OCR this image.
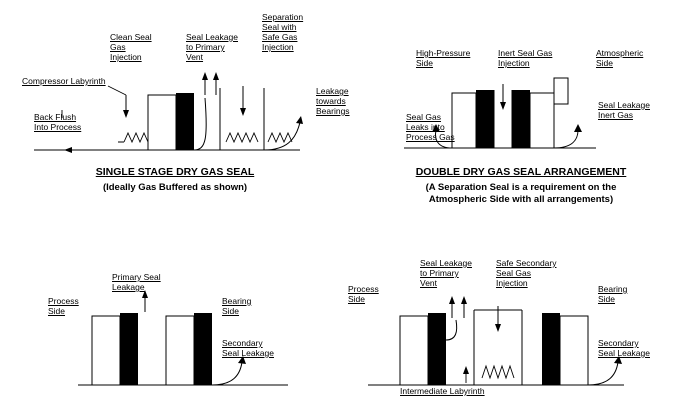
Compressor Labyrinth
Clean Seal
Gas
Injection
Seal Leakage
to Primary
Vent
Separation
Seal with
Safe Gas
Injection
Leakage
towards
Bearings
Back Flush
Into Process
SINGLE STAGE DRY GAS SEAL
(Ideally Gas Buffered as shown)
High-Pressure
Side
Inert Seal Gas
Injection
Atmospheric
Side
Seal Gas
Leaks into
Process Gas
Seal Leakage
Inert Gas
DOUBLE DRY GAS SEAL ARRANGEMENT
(A Separation Seal is a requirement on the
Atmospheric Side with all arrangements)
Primary Seal
Leakage
Process
Side
Bearing
Side
Secondary
Seal Leakage
Seal Leakage
to Primary
Vent
Safe Secondary
Seal Gas
Injection
Process
Side
Bearing
Side
Secondary
Seal Leakage
Intermediate Labyrinth
